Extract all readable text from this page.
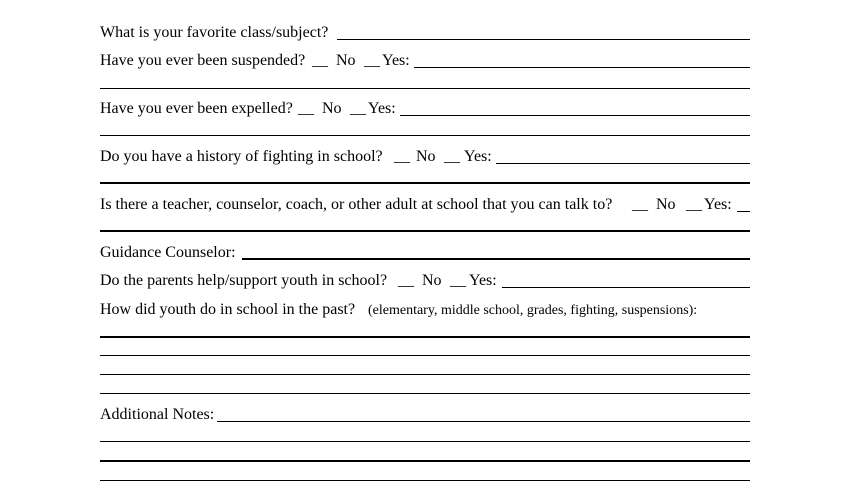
What is your favorite class/subject?
Have you ever been suspended? __ No __ Yes:
Have you ever been expelled? __ No __ Yes:
Do you have a history of fighting in school? __ No __ Yes:
Is there a teacher, counselor, coach, or other adult at school that you can talk to? __ No __ Yes:
Guidance Counselor:
Do the parents help/support youth in school? __ No __ Yes:
How did youth do in school in the past? (elementary, middle school, grades, fighting, suspensions):
Additional Notes:
